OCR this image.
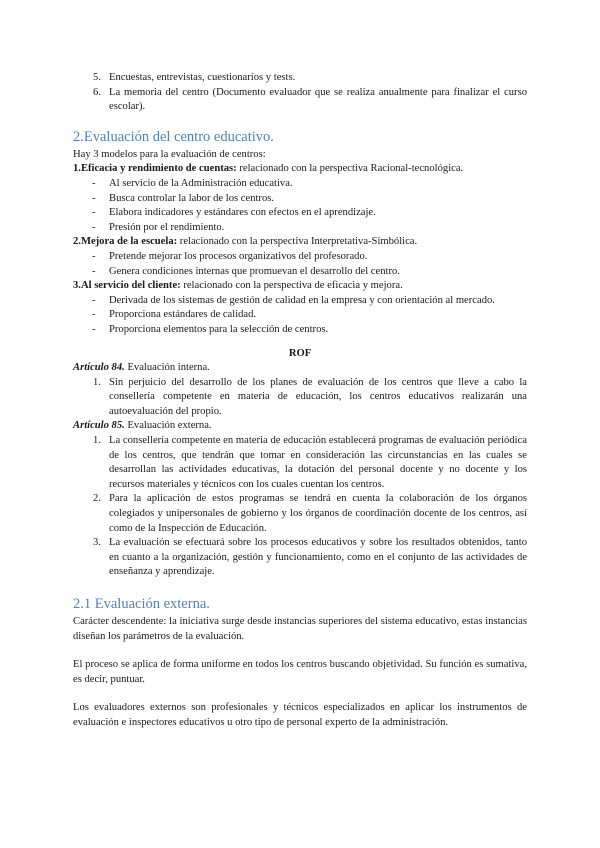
5. Encuestas, entrevistas, cuestionarios y tests.
6. La memoria del centro (Documento evaluador que se realiza anualmente para finalizar el curso escolar).
2.Evaluación del centro educativo.

Hay 3 modelos para la evaluación de centros:

1.Eficacia y rendimiento de cuentas: relacionado con la perspectiva Racional-tecnológica.

-	Al servicio de la Administración educativa.
-	Busca controlar la labor de los centros.
-	Elabora indicadores y estándares con efectos en el aprendizaje.
-	Presión por el rendimiento.

2.Mejora de la escuela: relacionado con la perspectiva Interpretativa-Simbólica.

-	Pretende mejorar los procesos organizativos del profesorado.
-	Genera condiciones internas que promuevan el desarrollo del centro.

3.Al servicio del cliente: relacionado con la perspectiva de eficacia y mejora.

-	Derivada de los sistemas de gestión de calidad en la empresa y con orientación al mercado.
-	Proporciona estándares de calidad.
-	Proporciona elementos para la selección de centros.

ROF

Artículo 84. Evaluación interna.

1. Sin perjuicio del desarrollo de los planes de evaluación de los centros que lleve a cabo la consellería competente en materia de educación, los centros educativos realizarán una autoevaluación del propio.

Artículo 85. Evaluación externa.

1. La consellería competente en materia de educación establecerá programas de evaluación periódica de los centros, que tendrán que tomar en consideración las circunstancias en las cuales se desarrollan las actividades educativas, la dotación del personal docente y no docente y los recursos materiales y técnicos con los cuales cuentan los centros.
2. Para la aplicación de estos programas se tendrá en cuenta la colaboración de los órganos colegiados y unipersonales de gobierno y los órganos de coordinación docente de los centros, así como de la Inspección de Educación.
3. La evaluación se efectuará sobre los procesos educativos y sobre los resultados obtenidos, tanto en cuanto a la organización, gestión y funcionamiento, como en el conjunto de las actividades de enseñanza y aprendizaje.
2.1 Evaluación externa.

Carácter descendente: la iniciativa surge desde instancias superiores del sistema educativo, estas instancias diseñan los parámetros de la evaluación.

El proceso se aplica de forma uniforme en todos los centros buscando objetividad. Su función es sumativa, es decir, puntuar.

Los evaluadores externos son profesionales y técnicos especializados en aplicar los instrumentos de evaluación e inspectores educativos u otro tipo de personal experto de la administración.
